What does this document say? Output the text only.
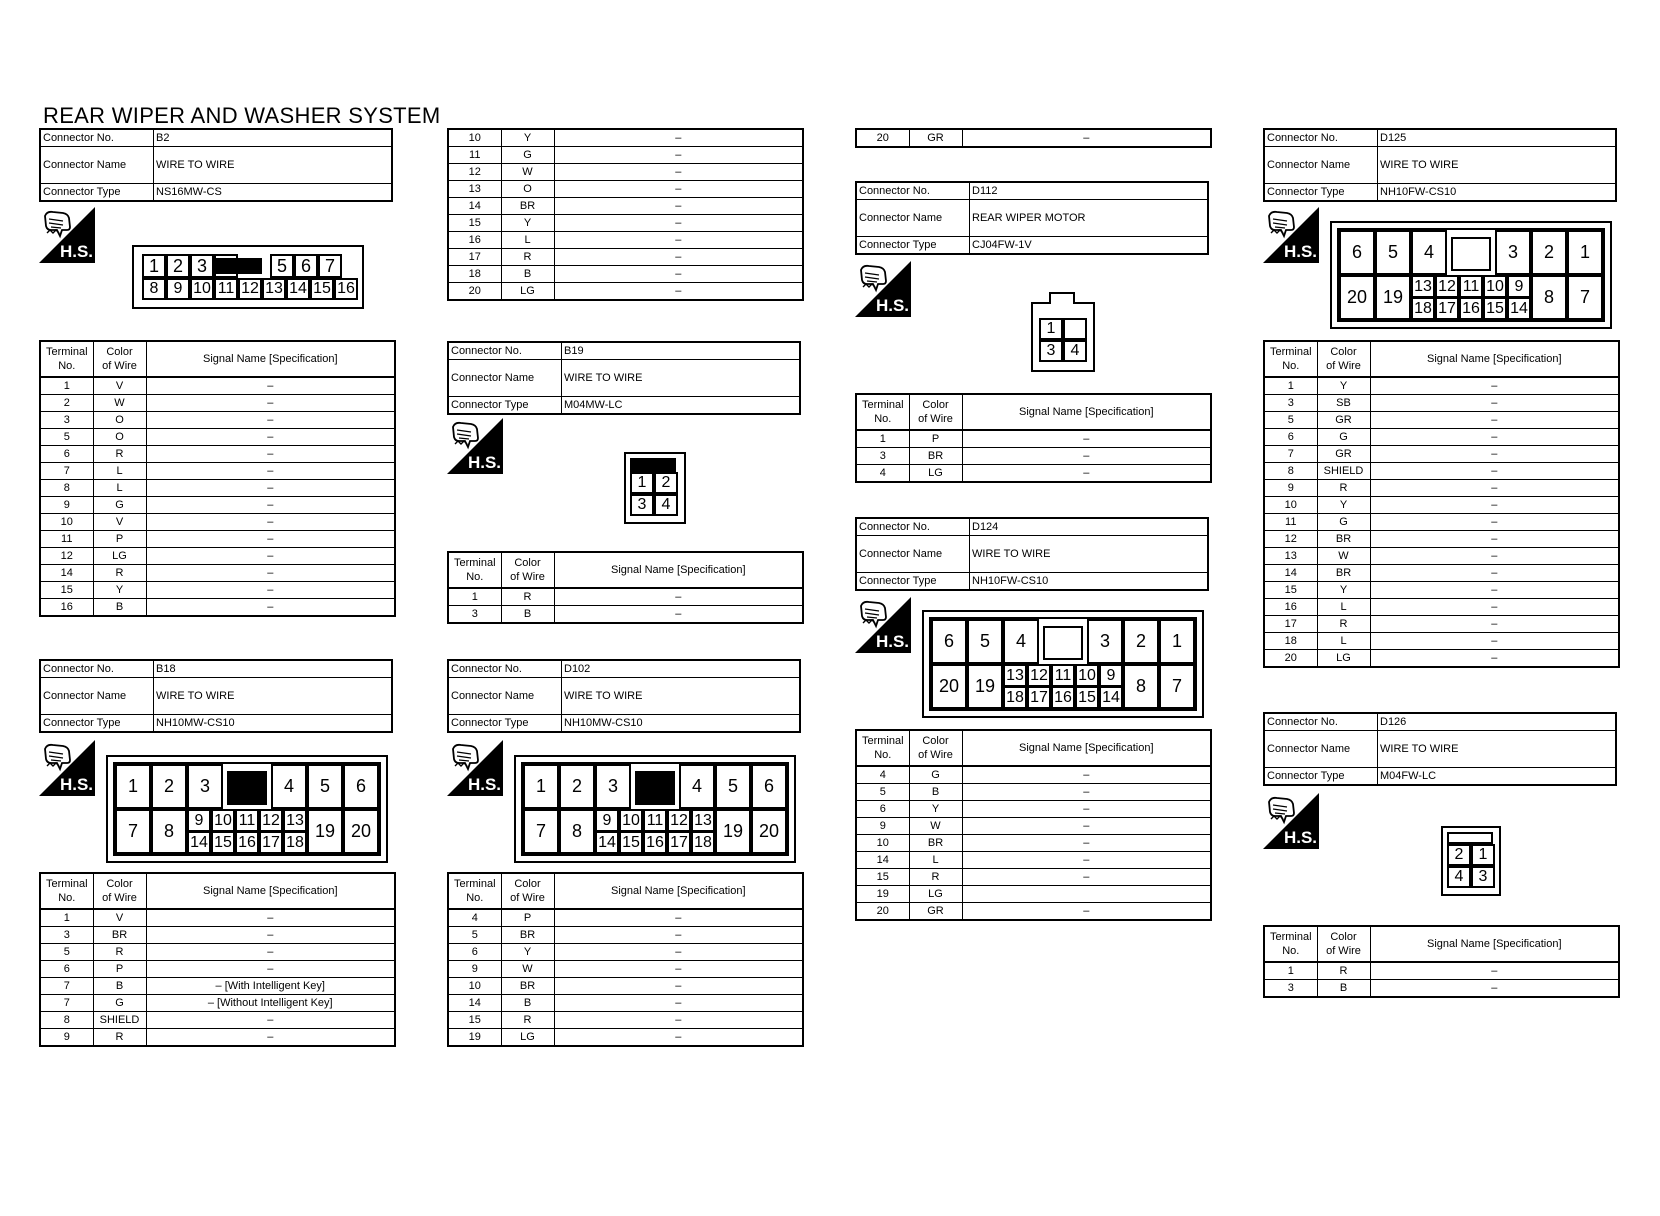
REAR WIPER AND WASHER SYSTEM
Connector No.	B2
Connector Name	WIRE TO WIRE
Connector Type	NS16MW-CS
H.S.
1 2 3	5 6 7
8 9 10 11 12 13 14 15 16
Terminal
No.	Color
of Wire	Signal Name [Specification]
1	V	–
2	W	–
3	O	–
5	O	–
6	R	–
7	L	–
8	L	–
9	G	–
10	V	–
11	P	–
12	LG	–
14	R	–
15	Y	–
16	B	–
Connector No.	B18
Connector Name	WIRE TO WIRE
Connector Type	NH10MW-CS10
H.S.	1	2	3	4	5	6
7	8
9
14
10
15
11
16
12
17
13
18
19 20
Terminal
No.	Color
of Wire	Signal Name [Specification]
1	V	–
3	BR	–
5	R	–
6	P	–
7	B	– [With Intelligent Key]
7	G	– [Without Intelligent Key]
8	SHIELD	–
9	R	–
10	Y	–
11	G	–
12	W	–
13	O	–
14	BR	–
15	Y	–
16	L	–
17	R	–
18	B	–
20	LG	–
Connector No.	B19
Connector Name	WIRE TO WIRE
Connector Type	M04MW-LC
H.S.
1 2
3 4
Terminal
No.	Color
of Wire	Signal Name [Specification]
1	R	–
3	B	–
Connector No.	D102
Connector Name	WIRE TO WIRE
Connector Type	NH10MW-CS10
H.S.	1	2	3	4	5	6
7	8
9
14
10
15
11
16
12
17
13
18
19 20
Terminal
No.	Color
of Wire	Signal Name [Specification]
4	P	–
5	BR	–
6	Y	–
9	W	–
10	BR	–
14	B	–
15	R	–
19	LG	–
20	GR	–
Connector No.	D112
Connector Name	REAR WIPER MOTOR
Connector Type	CJ04FW-1V
H.S.
1
3 4
Terminal
No.	Color
of Wire	Signal Name [Specification]
1	P	–
3	BR	–
4	LG	–
Connector No.	D124
Connector Name	WIRE TO WIRE
Connector Type	NH10FW-CS10
H.S.	6	5	4	3	2	1
20 19
13
18
12
17
11
16
10
15
9
14
8	7
Terminal
No.	Color
of Wire	Signal Name [Specification]
4	G	–
5	B	–
6	Y	–
9	W	–
10	BR	–
14	L	–
15	R	–
19	LG	
20	GR	–
Connector No.	D125
Connector Name	WIRE TO WIRE
Connector Type	NH10FW-CS10
H.S.	6	5	4	3	2	1
20 19
13
18
12
17
11
16
10
15
9
14
8	7
Terminal
No.	Color
of Wire	Signal Name [Specification]
1	Y	–
3	SB	–
5	GR	–
6	G	–
7	GR	–
8	SHIELD	–
9	R	–
10	Y	–
11	G	–
12	BR	–
13	W	–
14	BR	–
15	Y	–
16	L	–
17	R	–
18	L	–
20	LG	–
Connector No.	D126
Connector Name	WIRE TO WIRE
Connector Type	M04FW-LC
H.S.
2 1
4 3
Terminal
No.	Color
of Wire	Signal Name [Specification]
1	R	–
3	B	–
